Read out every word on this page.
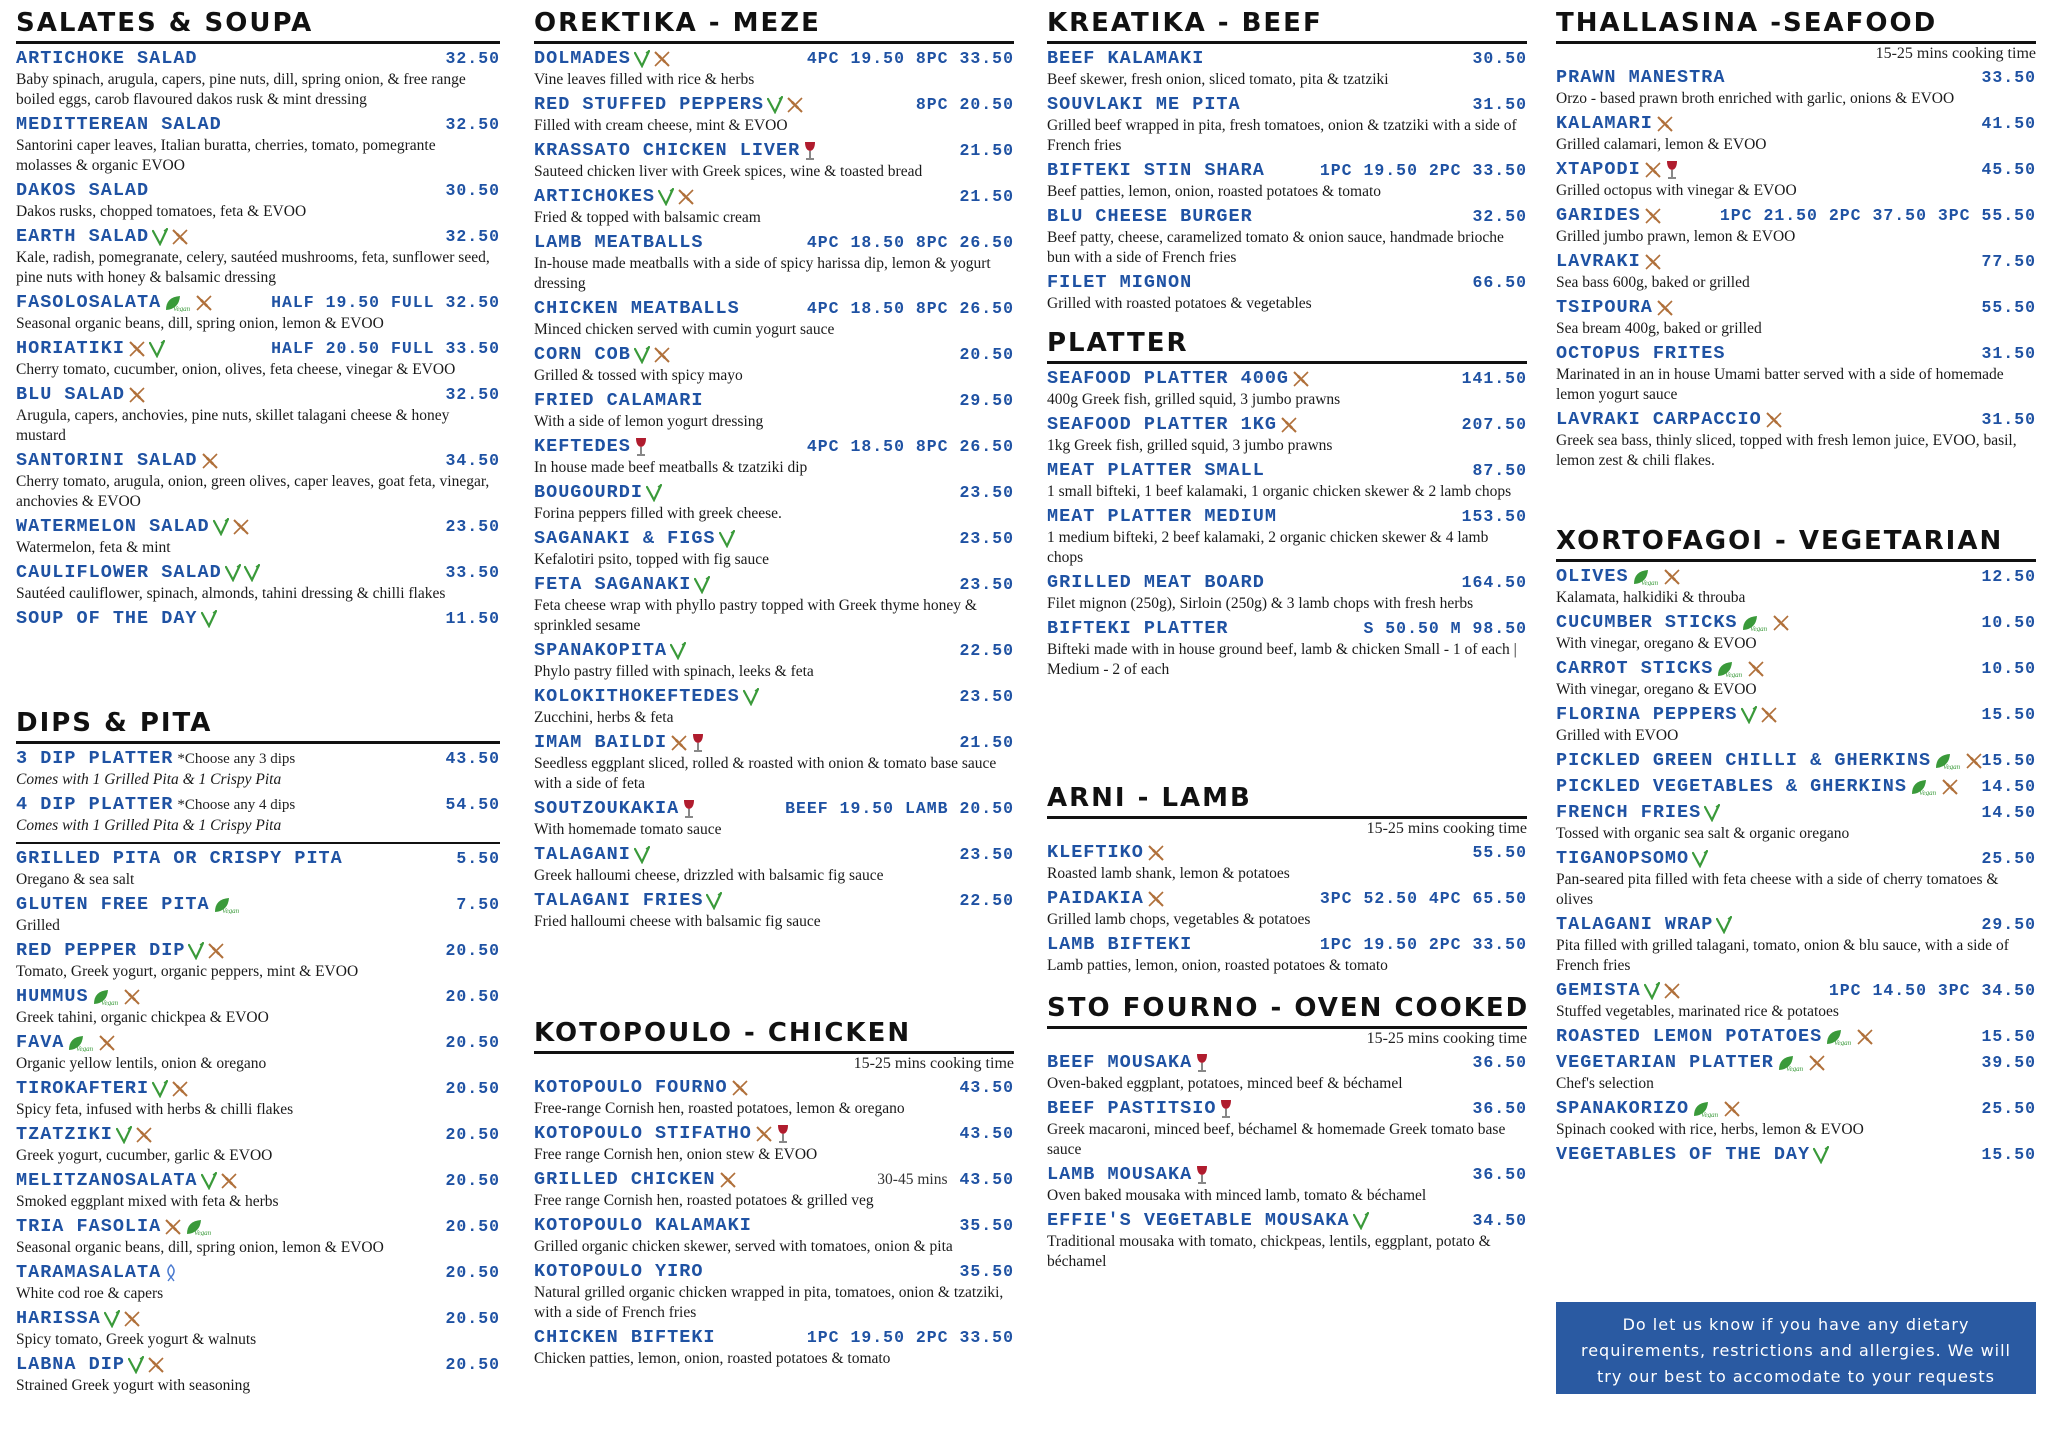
SALATES & SOUPA
ARTICHOKE SALAD	32.50
Baby spinach, arugula, capers, pine nuts, dill, spring onion, & free range boiled eggs, carob flavoured dakos rusk & mint dressing
MEDITTEREAN SALAD	32.50
Santorini caper leaves, Italian buratta, cherries, tomato, pomegrante molasses & organic EVOO
DAKOS SALAD	30.50
Dakos rusks, chopped tomatoes, feta & EVOO
EARTH SALAD	32.50
Kale, radish, pomegranate, celery, sautéed mushrooms, feta, sunflower seed, pine nuts with honey & balsamic dressing
FASOLOSALATA Vegan	HALF 19.50 FULL 32.50
Seasonal organic beans, dill, spring onion, lemon & EVOO
HORIATIKI	HALF 20.50 FULL 33.50
Cherry tomato, cucumber, onion, olives, feta cheese, vinegar & EVOO
BLU SALAD	32.50
Arugula, capers, anchovies, pine nuts, skillet talagani cheese & honey mustard
SANTORINI SALAD	34.50
Cherry tomato, arugula, onion, green olives, caper leaves, goat feta, vinegar, anchovies & EVOO
WATERMELON SALAD	23.50
Watermelon, feta & mint
CAULIFLOWER SALAD	33.50
Sautéed cauliflower, spinach, almonds, tahini dressing & chilli flakes
SOUP OF THE DAY	11.50
DIPS & PITA
3 DIP PLATTER *Choose any 3 dips	43.50
Comes with 1 Grilled Pita & 1 Crispy Pita
4 DIP PLATTER *Choose any 4 dips	54.50
Comes with 1 Grilled Pita & 1 Crispy Pita
GRILLED PITA OR CRISPY PITA	5.50
Oregano & sea salt
GLUTEN FREE PITA Vegan	7.50
Grilled
RED PEPPER DIP	20.50
Tomato, Greek yogurt, organic peppers, mint & EVOO
HUMMUS Vegan	20.50
Greek tahini, organic chickpea & EVOO
FAVA Vegan	20.50
Organic yellow lentils, onion & oregano
TIROKAFTERI	20.50
Spicy feta, infused with herbs & chilli flakes
TZATZIKI	20.50
Greek yogurt, cucumber, garlic & EVOO
MELITZANOSALATA	20.50
Smoked eggplant mixed with feta & herbs
TRIA FASOLIA	Vegan	20.50
Seasonal organic beans, dill, spring onion, lemon & EVOO
TARAMASALATA	20.50
White cod roe & capers
HARISSA	20.50
Spicy tomato, Greek yogurt & walnuts
LABNA DIP	20.50
Strained Greek yogurt with seasoning
OREKTIKA - MEZE
DOLMADES	4PC 19.50 8PC 33.50
Vine leaves filled with rice & herbs
RED STUFFED PEPPERS	8PC 20.50
Filled with cream cheese, mint & EVOO
KRASSATO CHICKEN LIVER	21.50
Sauteed chicken liver with Greek spices, wine & toasted bread
ARTICHOKES	21.50
Fried & topped with balsamic cream
LAMB MEATBALLS	4PC 18.50 8PC 26.50
In-house made meatballs with a side of spicy harissa dip, lemon & yogurt dressing
CHICKEN MEATBALLS	4PC 18.50 8PC 26.50
Minced chicken served with cumin yogurt sauce
CORN COB	20.50
Grilled & tossed with spicy mayo
FRIED CALAMARI	29.50
With a side of lemon yogurt dressing
KEFTEDES	4PC 18.50 8PC 26.50
In house made beef meatballs & tzatziki dip
BOUGOURDI	23.50
Forina peppers filled with greek cheese.
SAGANAKI & FIGS	23.50
Kefalotiri psito, topped with fig sauce
FETA SAGANAKI	23.50
Feta cheese wrap with phyllo pastry topped with Greek thyme honey & sprinkled sesame
SPANAKOPITA	22.50
Phylo pastry filled with spinach, leeks & feta
KOLOKITHOKEFTEDES	23.50
Zucchini, herbs & feta
IMAM BAILDI	21.50
Seedless eggplant sliced, rolled & roasted with onion & tomato base sauce with a side of feta
SOUTZOUKAKIA	BEEF 19.50 LAMB 20.50
With homemade tomato sauce
TALAGANI	23.50
Greek halloumi cheese, drizzled with balsamic fig sauce
TALAGANI FRIES	22.50
Fried halloumi cheese with balsamic fig sauce
KOTOPOULO - CHICKEN
15-25 mins cooking time
KOTOPOULO FOURNO	43.50
Free-range Cornish hen, roasted potatoes, lemon & oregano
KOTOPOULO STIFATHO	43.50
Free range Cornish hen, onion stew & EVOO
GRILLED CHICKEN	30-45 mins 43.50
Free range Cornish hen, roasted potatoes & grilled veg
KOTOPOULO KALAMAKI	35.50
Grilled organic chicken skewer, served with tomatoes, onion & pita
KOTOPOULO YIRO	35.50
Natural grilled organic chicken wrapped in pita, tomatoes, onion & tzatziki, with a side of French fries
CHICKEN BIFTEKI	1PC 19.50 2PC 33.50
Chicken patties, lemon, onion, roasted potatoes & tomato
KREATIKA - BEEF
BEEF KALAMAKI	30.50
Beef skewer, fresh onion, sliced tomato, pita & tzatziki
SOUVLAKI ME PITA	31.50
Grilled beef wrapped in pita, fresh tomatoes, onion & tzatziki with a side of French fries
BIFTEKI STIN SHARA	1PC 19.50 2PC 33.50
Beef patties, lemon, onion, roasted potatoes & tomato
BLU CHEESE BURGER	32.50
Beef patty, cheese, caramelized tomato & onion sauce, handmade brioche bun with a side of French fries
FILET MIGNON	66.50
Grilled with roasted potatoes & vegetables
PLATTER
SEAFOOD PLATTER 400G	141.50
400g Greek fish, grilled squid, 3 jumbo prawns
SEAFOOD PLATTER 1KG	207.50
1kg Greek fish, grilled squid, 3 jumbo prawns
MEAT PLATTER SMALL	87.50
1 small bifteki, 1 beef kalamaki, 1 organic chicken skewer & 2 lamb chops
MEAT PLATTER MEDIUM	153.50
1 medium bifteki, 2 beef kalamaki, 2 organic chicken skewer & 4 lamb chops
GRILLED MEAT BOARD	164.50
Filet mignon (250g), Sirloin (250g) & 3 lamb chops with fresh herbs
BIFTEKI PLATTER	S 50.50 M 98.50
Bifteki made with in house ground beef, lamb & chicken Small - 1 of each | Medium - 2 of each
ARNI - LAMB
15-25 mins cooking time
KLEFTIKO	55.50
Roasted lamb shank, lemon & potatoes
PAIDAKIA	3PC 52.50 4PC 65.50
Grilled lamb chops, vegetables & potatoes
LAMB BIFTEKI	1PC 19.50 2PC 33.50
Lamb patties, lemon, onion, roasted potatoes & tomato
STO FOURNO - OVEN COOKED
15-25 mins cooking time
BEEF MOUSAKA	36.50
Oven-baked eggplant, potatoes, minced beef & béchamel
BEEF PASTITSIO	36.50
Greek macaroni, minced beef, béchamel & homemade Greek tomato base sauce
LAMB MOUSAKA	36.50
Oven baked mousaka with minced lamb, tomato & béchamel
EFFIE'S VEGETABLE MOUSAKA	34.50
Traditional mousaka with tomato, chickpeas, lentils, eggplant, potato & béchamel
THALLASINA -SEAFOOD
15-25 mins cooking time
PRAWN MANESTRA	33.50
Orzo - based prawn broth enriched with garlic, onions & EVOO
KALAMARI	41.50
Grilled calamari, lemon & EVOO
XTAPODI	45.50
Grilled octopus with vinegar & EVOO
GARIDES	1PC 21.50 2PC 37.50 3PC 55.50
Grilled jumbo prawn, lemon & EVOO
LAVRAKI	77.50
Sea bass 600g, baked or grilled
TSIPOURA	55.50
Sea bream 400g, baked or grilled
OCTOPUS FRITES	31.50
Marinated in an in house Umami batter served with a side of homemade lemon yogurt sauce
LAVRAKI CARPACCIO	31.50
Greek sea bass, thinly sliced, topped with fresh lemon juice, EVOO, basil, lemon zest & chili flakes.
XORTOFAGOI - VEGETARIAN
OLIVES Vegan	12.50
Kalamata, halkidiki & throuba
CUCUMBER STICKS Vegan	10.50
With vinegar, oregano & EVOO
CARROT STICKS Vegan	10.50
With vinegar, oregano & EVOO
FLORINA PEPPERS	15.50
Grilled with EVOO
PICKLED GREEN CHILLI & GHERKINS Vegan 15.50
PICKLED VEGETABLES & GHERKINS Vegan	14.50
FRENCH FRIES	14.50
Tossed with organic sea salt & organic oregano
TIGANOPSOMO	25.50
Pan-seared pita filled with feta cheese with a side of cherry tomatoes & olives
TALAGANI WRAP	29.50
Pita filled with grilled talagani, tomato, onion & blu sauce, with a side of French fries
GEMISTA	1PC 14.50 3PC 34.50
Stuffed vegetables, marinated rice & potatoes
ROASTED LEMON POTATOES Vegan	15.50
VEGETARIAN PLATTER Vegan	39.50
Chef's selection
SPANAKORIZO Vegan	25.50
Spinach cooked with rice, herbs, lemon & EVOO
VEGETABLES OF THE DAY	15.50
Do let us know if you have any dietary requirements, restrictions and allergies. We will try our best to accomodate to your requests
